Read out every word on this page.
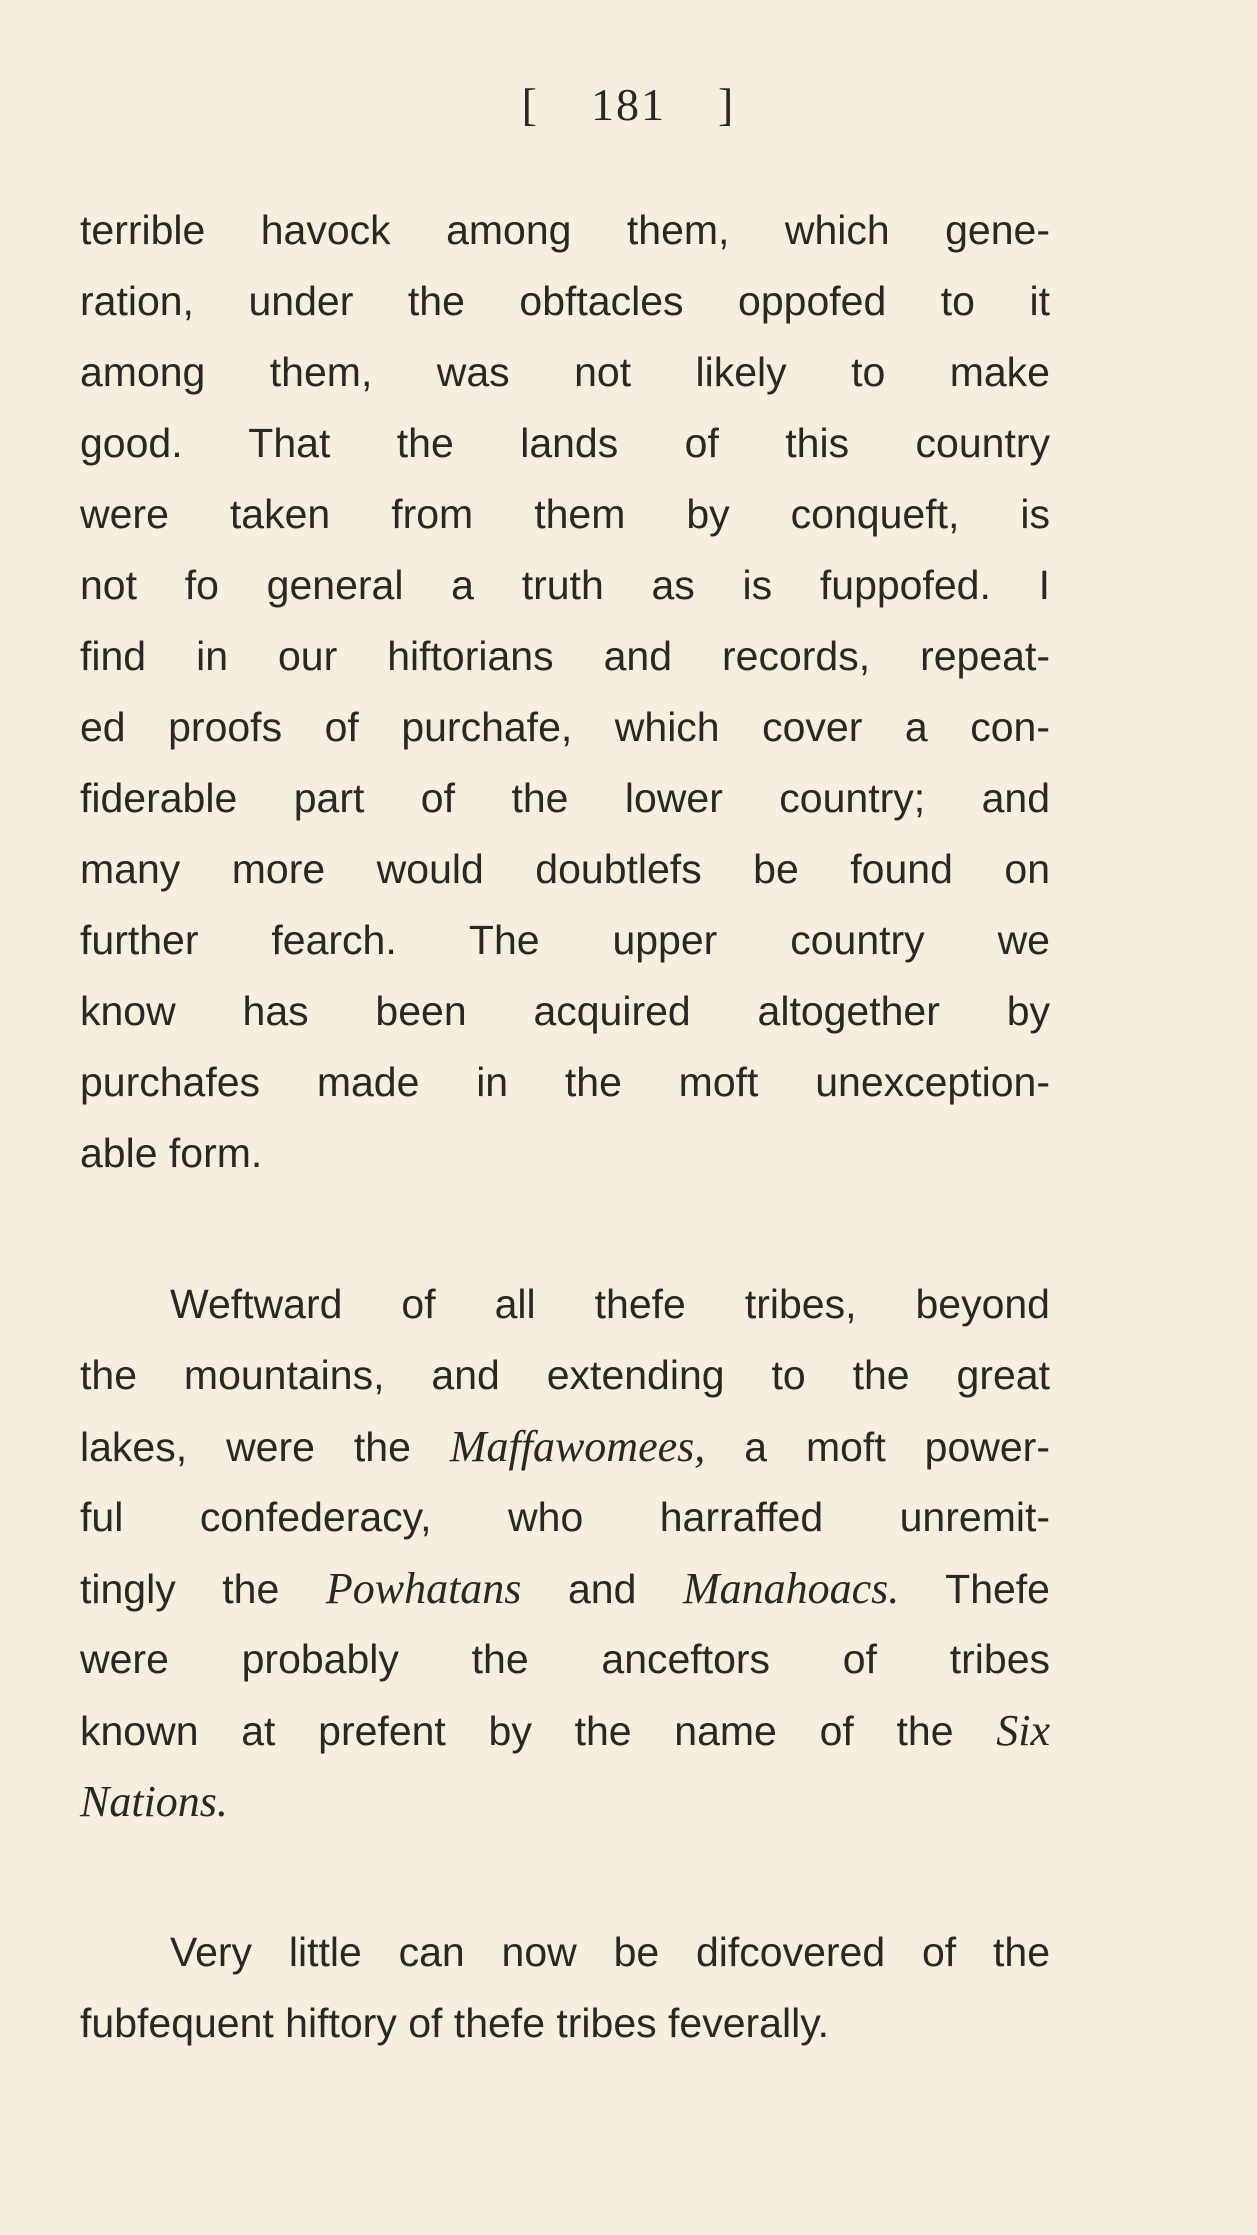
[ 181 ]
terrible havock among them, which gene-
ration, under the obftacles oppofed to it
among them, was not likely to make
good. That the lands of this country
were taken from them by conqueft, is
not fo general a truth as is fuppofed. I
find in our hiftorians and records, repeat-
ed proofs of purchafe, which cover a con-
fiderable part of the lower country; and
many more would doubtlefs be found on
further fearch. The upper country we
know has been acquired altogether by
purchafes made in the moft unexception-
able form.
Weftward of all thefe tribes, beyond
the mountains, and extending to the great
lakes, were the Maffawomees, a moft power-
ful confederacy, who harraffed unremit-
tingly the Powhatans and Manahoacs. Thefe
were probably the anceftors of tribes
known at prefent by the name of the Six
Nations.
Very little can now be difcovered of the
fubfequent hiftory of thefe tribes feverally.
